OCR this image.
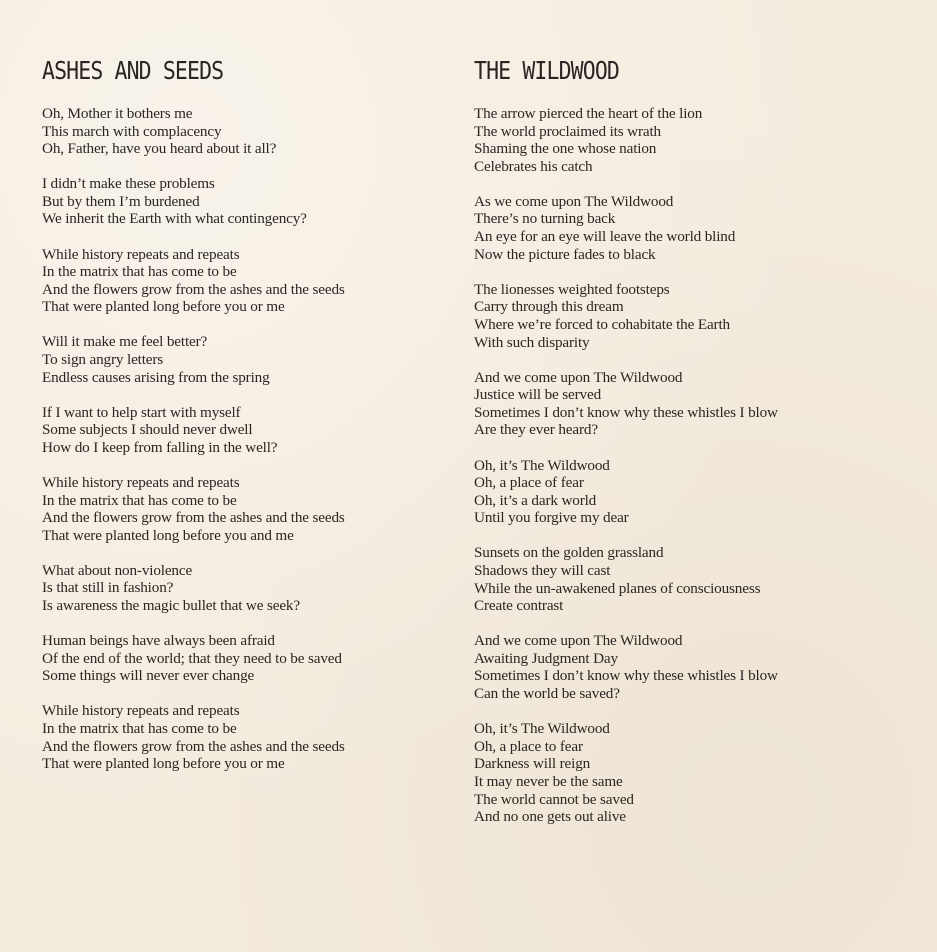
ASHES AND SEEDS
Oh, Mother it bothers me
This march with complacency
Oh, Father, have you heard about it all?
I didn’t make these problems
But by them I’m burdened
We inherit the Earth with what contingency?
While history repeats and repeats
In the matrix that has come to be
And the flowers grow from the ashes and the seeds
That were planted long before you or me
Will it make me feel better?
To sign angry letters
Endless causes arising from the spring
If I want to help start with myself
Some subjects I should never dwell
How do I keep from falling in the well?
While history repeats and repeats
In the matrix that has come to be
And the flowers grow from the ashes and the seeds
That were planted long before you and me
What about non-violence
Is that still in fashion?
Is awareness the magic bullet that we seek?
Human beings have always been afraid
Of the end of the world; that they need to be saved
Some things will never ever change
While history repeats and repeats
In the matrix that has come to be
And the flowers grow from the ashes and the seeds
That were planted long before you or me
THE WILDWOOD
The arrow pierced the heart of the lion
The world proclaimed its wrath
Shaming the one whose nation
Celebrates his catch
As we come upon The Wildwood
There’s no turning back
An eye for an eye will leave the world blind
Now the picture fades to black
The lionesses weighted footsteps
Carry through this dream
Where we’re forced to cohabitate the Earth
With such disparity
And we come upon The Wildwood
Justice will be served
Sometimes I don’t know why these whistles I blow
Are they ever heard?
Oh, it’s The Wildwood
Oh, a place of fear
Oh, it’s a dark world
Until you forgive my dear
Sunsets on the golden grassland
Shadows they will cast
While the un-awakened planes of consciousness
Create contrast
And we come upon The Wildwood
Awaiting Judgment Day
Sometimes I don’t know why these whistles I blow
Can the world be saved?
Oh, it’s The Wildwood
Oh, a place to fear
Darkness will reign
It may never be the same
The world cannot be saved
And no one gets out alive
